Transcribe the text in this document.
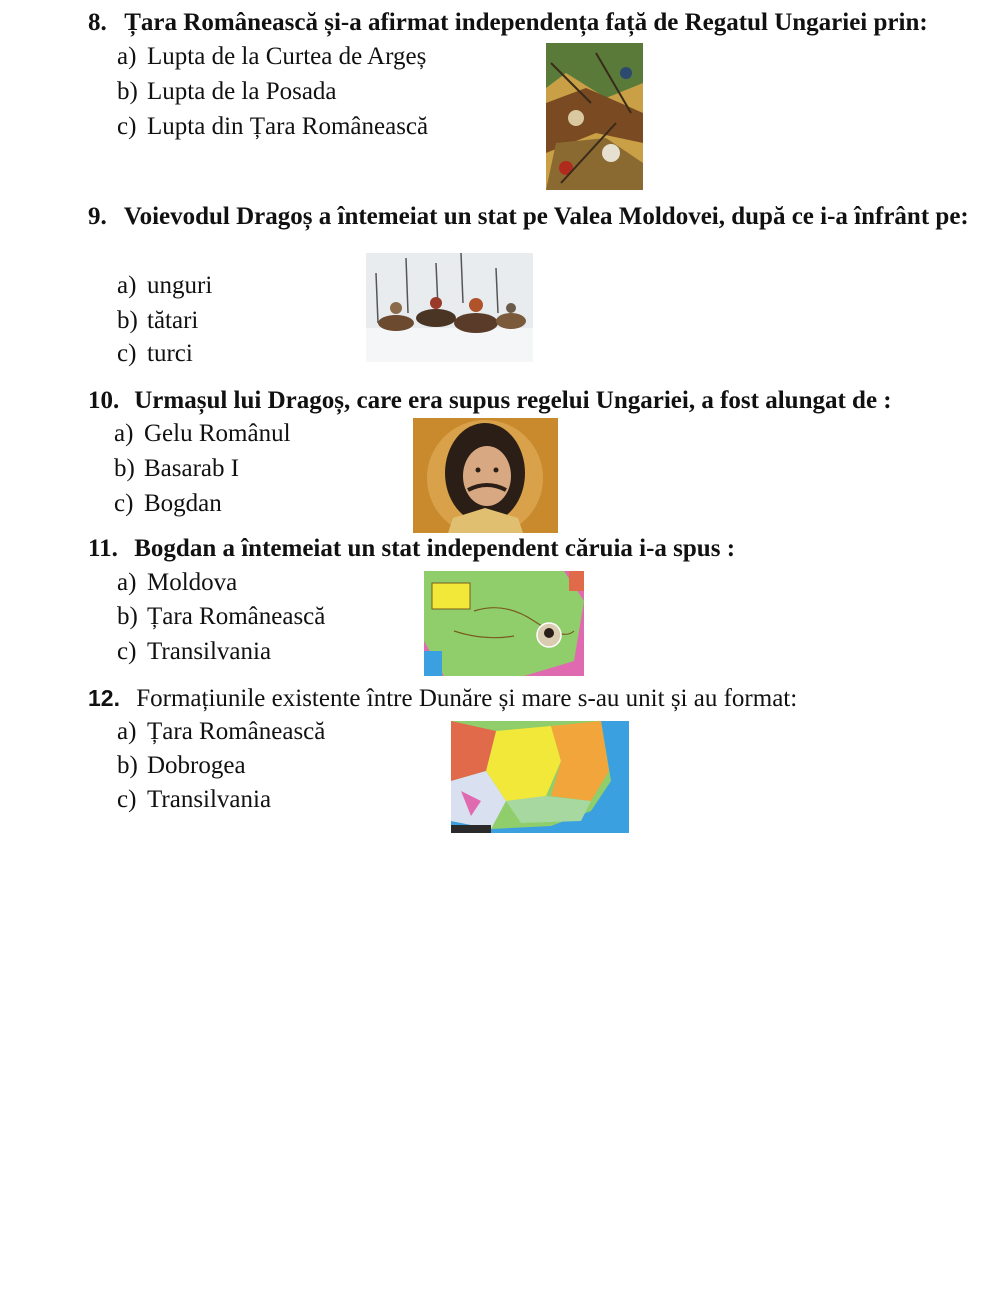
8. Țara Românească și-a afirmat independența față de Regatul Ungariei prin:
a) Lupta de la Curtea de Argeș
b) Lupta de la Posada
c) Lupta din Țara Românească
9. Voievodul Dragoș a întemeiat un stat pe Valea Moldovei, după ce i-a înfrânt pe:
a) unguri
b) tătari
c) turci
10. Urmașul lui Dragoș, care era supus regelui Ungariei, a fost alungat de :
a) Gelu Românul
b) Basarab I
c) Bogdan
11. Bogdan a întemeiat un stat independent căruia i-a spus :
a) Moldova
b) Țara Românească
c) Transilvania
12. Formațiunile existente între Dunăre și mare s-au unit și au format:
a) Țara Românească
b) Dobrogea
c) Transilvania
